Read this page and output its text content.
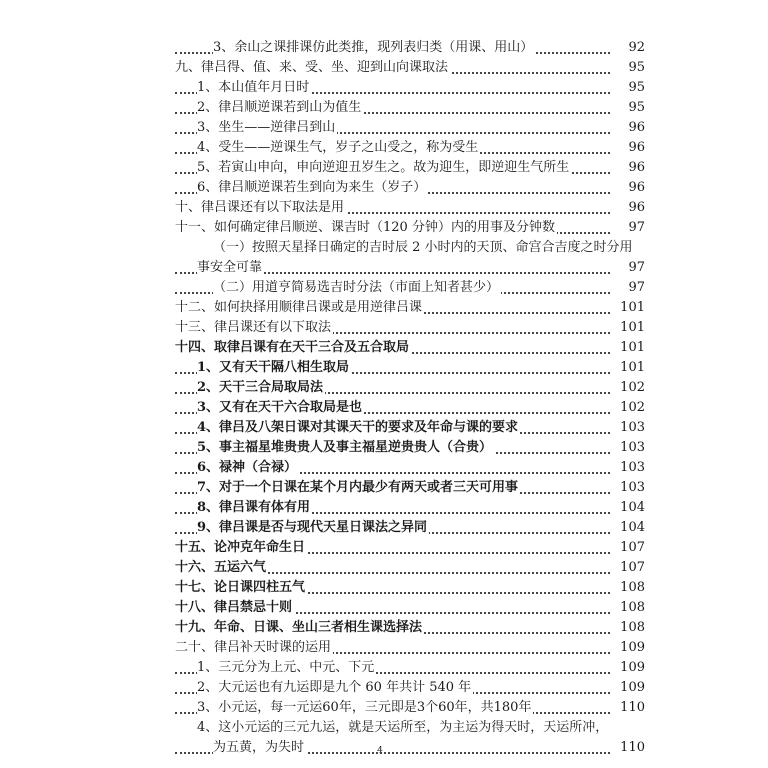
3、余山之课排课仿此类推，现列表归类（用课、用山）	92
九、律吕得、值、来、受、坐、迎到山向课取法	95
1、本山值年月日时	95
2、律吕顺逆课若到山为值生	95
3、坐生——逆律吕到山	96
4、受生——逆课生气，岁子之山受之，称为受生	96
5、若寅山申向，申向逆迎丑岁生之。故为迎生，即逆迎生气所生	96
6、律吕顺逆课若生到向为来生（岁子）	96
十、律吕课还有以下取法是用	96
十一、如何确定律吕顺逆、课吉时（120 分钟）内的用事及分钟数	97
（一）按照天星择日确定的吉时辰 2 小时内的天顶、命宫合吉度之时分用
事安全可靠	97
（二）用道亨简易选吉时分法（市面上知者甚少）	97
十二、如何抉择用顺律吕课或是用逆律吕课	101
十三、律吕课还有以下取法	101
十四、取律吕课有在天干三合及五合取局	101
1、又有天干隔八相生取局	101
2、天干三合局取局法	102
3、又有在天干六合取局是也	102
4、律吕及八架日课对其课天干的要求及年命与课的要求	103
5、事主福星堆贵贵人及事主福星逆贵贵人（合贵）	103
6、禄神（合禄）	103
7、对于一个日课在某个月内最少有两天或者三天可用事	103
8、律吕课有体有用	104
9、律吕课是否与现代天星日课法之异同	104
十五、论冲克年命生日	107
十六、五运六气	107
十七、论日课四柱五气	108
十八、律吕禁忌十则	108
十九、年命、日课、坐山三者相生课选择法	108
二十、律吕补天时课的运用	109
1、三元分为上元、中元、下元	109
2、大元运也有九运即是九个 60 年共计 540 年	109
3、小元运，每一元运60年，三元即是3个60年，共180年	110
4、这小元运的三元九运，就是天运所至，为主运为得天时，天运所冲，
为五黄，为失时	110
4
